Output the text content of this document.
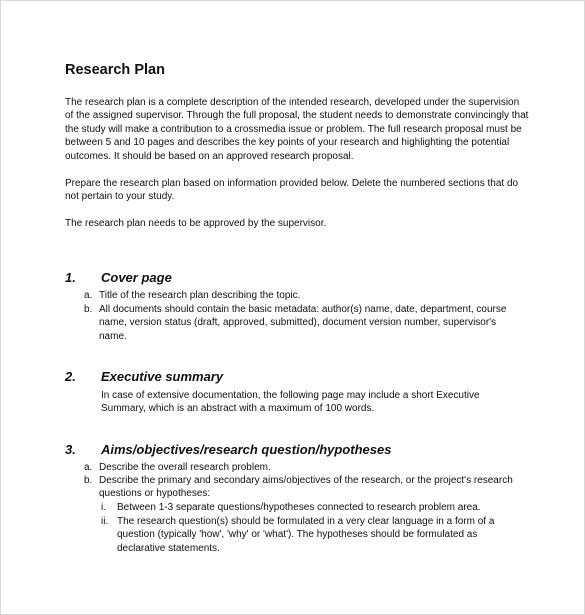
Research Plan
The research plan is a complete description of the intended research, developed under the supervision of the assigned supervisor. Through the full proposal, the student needs to demonstrate convincingly that the study will make a contribution to a crossmedia issue or problem. The full research proposal must be between 5 and 10 pages and describes the key points of your research and highlighting the potential outcomes. It should be based on an approved research proposal.
Prepare the research plan based on information provided below. Delete the numbered sections that do not pertain to your study.
The research plan needs to be approved by the supervisor.
1. Cover page
a. Title of the research plan describing the topic.
b. All documents should contain the basic metadata: author(s) name, date, department, course name, version status (draft, approved, submitted), document version number, supervisor's name.
2. Executive summary
In case of extensive documentation, the following page may include a short Executive Summary, which is an abstract with a maximum of 100 words.
3. Aims/objectives/research question/hypotheses
a. Describe the overall research problem.
b. Describe the primary and secondary aims/objectives of the research, or the project's research questions or hypotheses:
i. Between 1-3 separate questions/hypotheses connected to research problem area.
ii. The research question(s) should be formulated in a very clear language in a form of a question (typically 'how', 'why' or 'what'). The hypotheses should be formulated as declarative statements.
